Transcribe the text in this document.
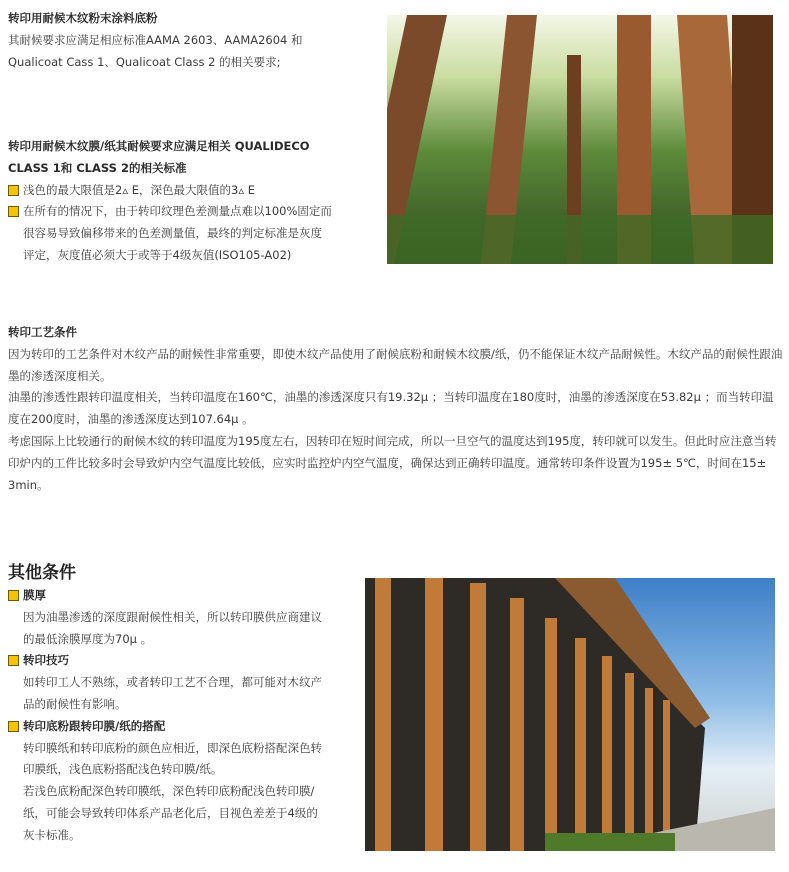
转印用耐候木纹粉末涂料底粉

其耐候要求应满足相应标准AAMA 2603、AAMA2604 和

Qualicoat Cass 1、Qualicoat Class 2 的相关要求;

转印用耐候木纹膜/纸其耐候要求应满足相关 QUALIDECO

CLASS 1和 CLASS 2的相关标准

浅色的最大限值是2▵ E，深色最大限值的3▵ E

在所有的情况下，由于转印纹理色差测量点难以100%固定而

很容易导致偏移带来的色差测量值，最终的判定标准是灰度

评定，灰度值必须大于或等于4级灰值(ISO105-A02)

转印工艺条件

因为转印的工艺条件对木纹产品的耐候性非常重要，即使木纹产品使用了耐候底粉和耐候木纹膜/纸，仍不能保证木纹产品耐候性。木纹产品的耐候性跟油墨的渗透深度相关。

油墨的渗透性跟转印温度相关，当转印温度在160℃，油墨的渗透深度只有19.32μ ；当转印温度在180度时，油墨的渗透深度在53.82μ ；而当转印温度在200度时，油墨的渗透深度达到107.64μ 。

考虑国际上比较通行的耐候木纹的转印温度为195度左右，因转印在短时间完成，所以一旦空气的温度达到195度，转印就可以发生。但此时应注意当转印炉内的工件比较多时会导致炉内空气温度比较低，应实时监控炉内空气温度，确保达到正确转印温度。通常转印条件设置为195± 5℃，时间在15± 3min。

其他条件

膜厚

因为油墨渗透的深度跟耐候性相关，所以转印膜供应商建议

的最低涂膜厚度为70μ 。

转印技巧

如转印工人不熟练，或者转印工艺不合理，都可能对木纹产

品的耐候性有影响。

转印底粉跟转印膜/纸的搭配

转印膜纸和转印底粉的颜色应相近，即深色底粉搭配深色转

印膜纸，浅色底粉搭配浅色转印膜/纸。

若浅色底粉配深色转印膜纸，深色转印底粉配浅色转印膜/

纸，可能会导致转印体系产品老化后，目视色差差于4级的

灰卡标准。
